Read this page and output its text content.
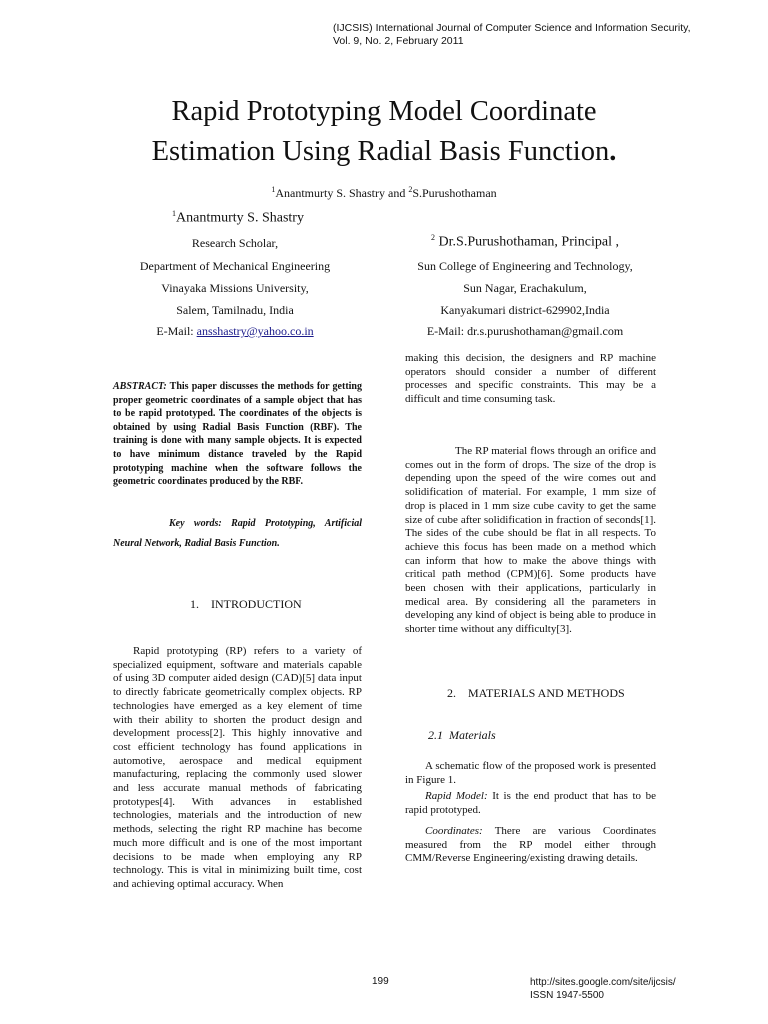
(IJCSIS) International Journal of Computer Science and Information Security,
Vol. 9, No. 2, February 2011
Rapid Prototyping Model Coordinate
Estimation Using Radial Basis Function.
$^1$Anantmurty S. Shastry and $^2$S.Purushothaman
$^1$Anantmurty S. Shastry
Research Scholar,
Department of Mechanical Engineering
Vinayaka Missions University,
Salem, Tamilnadu, India
E-Mail: ansshastry@yahoo.co.in
$^2$ Dr.S.Purushothaman, Principal ,
Sun College of Engineering and Technology,
Sun Nagar, Erachakulum,
Kanyakumari district-629902,India
E-Mail: dr.s.purushothaman@gmail.com
ABSTRACT: This paper discusses the methods for getting proper geometric coordinates of a sample object that has to be rapid prototyped. The coordinates of the objects is obtained by using Radial Basis Function (RBF). The training is done with many sample objects. It is expected to have minimum distance traveled by the Rapid prototyping machine when the software follows the geometric coordinates produced by the RBF.
Key words: Rapid Prototyping, Artificial Neural Network, Radial Basis Function.
1.    INTRODUCTION
Rapid prototyping (RP) refers to a variety of specialized equipment, software and materials capable of using 3D computer aided design (CAD)[5] data input to directly fabricate geometrically complex objects. RP technologies have emerged as a key element of time with their ability to shorten the product design and development process[2]. This highly innovative and cost efficient technology has found applications in automotive, aerospace and medical equipment manufacturing, replacing the commonly used slower and less accurate manual methods of fabricating prototypes[4]. With advances in established technologies, materials and the introduction of new methods, selecting the right RP machine has become much more difficult and is one of the most important decisions to be made when employing any RP technology. This is vital in minimizing built time, cost and achieving optimal accuracy. When
making this decision, the designers and RP machine operators should consider a number of different processes and specific constraints. This may be a difficult and time consuming task.
The RP material flows through an orifice and comes out in the form of drops. The size of the drop is depending upon the speed of the wire comes out and solidification of material. For example, 1 mm size of drop is placed in 1 mm size cube cavity to get the same size of cube after solidification in fraction of seconds[1]. The sides of the cube should be flat in all respects. To achieve this focus has been made on a method which can inform that how to make the above things with critical path method (CPM)[6]. Some products have been chosen with their applications, particularly in medical area. By considering all the parameters in developing any kind of object is being able to produce in shorter time without any difficulty[3].
2.    MATERIALS AND METHODS
2.1  Materials
A schematic flow of the proposed work is presented in Figure 1.
Rapid Model: It is the end product that has to be rapid prototyped.
Coordinates: There are various Coordinates measured from the RP model either through CMM/Reverse Engineering/existing drawing details.
199	http://sites.google.com/site/ijcsis/
ISSN 1947-5500
